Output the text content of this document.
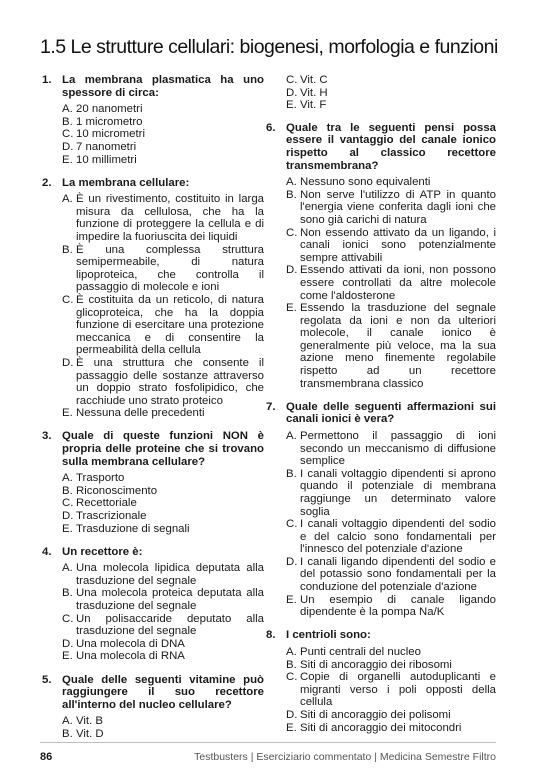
1.5 Le strutture cellulari: biogenesi, morfologia e funzioni
1. La membrana plasmatica ha uno spessore di circa:
A. 20 nanometri
B. 1 micrometro
C. 10 micrometri
D. 7 nanometri
E. 10 millimetri
2. La membrana cellulare:
A. È un rivestimento, costituito in larga misura da cellulosa, che ha la funzione di proteggere la cellula e di impedire la fuoriuscita dei liquidi
B. È una complessa struttura semipermeabile, di natura lipoproteica, che controlla il passaggio di molecole e ioni
C. È costituita da un reticolo, di natura glicoproteica, che ha la doppia funzione di esercitare una protezione meccanica e di consentire la permeabilità della cellula
D. È una struttura che consente il passaggio delle sostanze attraverso un doppio strato fosfolipidico, che racchiude uno strato proteico
E. Nessuna delle precedenti
3. Quale di queste funzioni NON è propria delle proteine che si trovano sulla membrana cellulare?
A. Trasporto
B. Riconoscimento
C. Recettoriale
D. Trascrizionale
E. Trasduzione di segnali
4. Un recettore è:
A. Una molecola lipidica deputata alla trasduzione del segnale
B. Una molecola proteica deputata alla trasduzione del segnale
C. Un polisaccaride deputato alla trasduzione del segnale
D. Una molecola di DNA
E. Una molecola di RNA
5. Quale delle seguenti vitamine può raggiungere il suo recettore all'interno del nucleo cellulare?
A. Vit. B
B. Vit. D
C. Vit. C
D. Vit. H
E. Vit. F
6. Quale tra le seguenti pensi possa essere il vantaggio del canale ionico rispetto al classico recettore transmembrana?
A. Nessuno sono equivalenti
B. Non serve l'utilizzo di ATP in quanto l'energia viene conferita dagli ioni che sono già carichi di natura
C. Non essendo attivato da un ligando, i canali ionici sono potenzialmente sempre attivabili
D. Essendo attivati da ioni, non possono essere controllati da altre molecole come l'aldosterone
E. Essendo la trasduzione del segnale regolata da ioni e non da ulteriori molecole, il canale ionico è generalmente più veloce, ma la sua azione meno finemente regolabile rispetto ad un recettore transmembrana classico
7. Quale delle seguenti affermazioni sui canali ionici è vera?
A. Permettono il passaggio di ioni secondo un meccanismo di diffusione semplice
B. I canali voltaggio dipendenti si aprono quando il potenziale di membrana raggiunge un determinato valore soglia
C. I canali voltaggio dipendenti del sodio e del calcio sono fondamentali per l'innesco del potenziale d'azione
D. I canali ligando dipendenti del sodio e del potassio sono fondamentali per la conduzione del potenziale d'azione
E. Un esempio di canale ligando dipendente è la pompa Na/K
8. I centrioli sono:
A. Punti centrali del nucleo
B. Siti di ancoraggio dei ribosomi
C. Copie di organelli autoduplicanti e migranti verso i poli opposti della cellula
D. Siti di ancoraggio dei polisomi
E. Siti di ancoraggio dei mitocondri
86	Testbusters | Eserciziario commentato | Medicina Semestre Filtro
